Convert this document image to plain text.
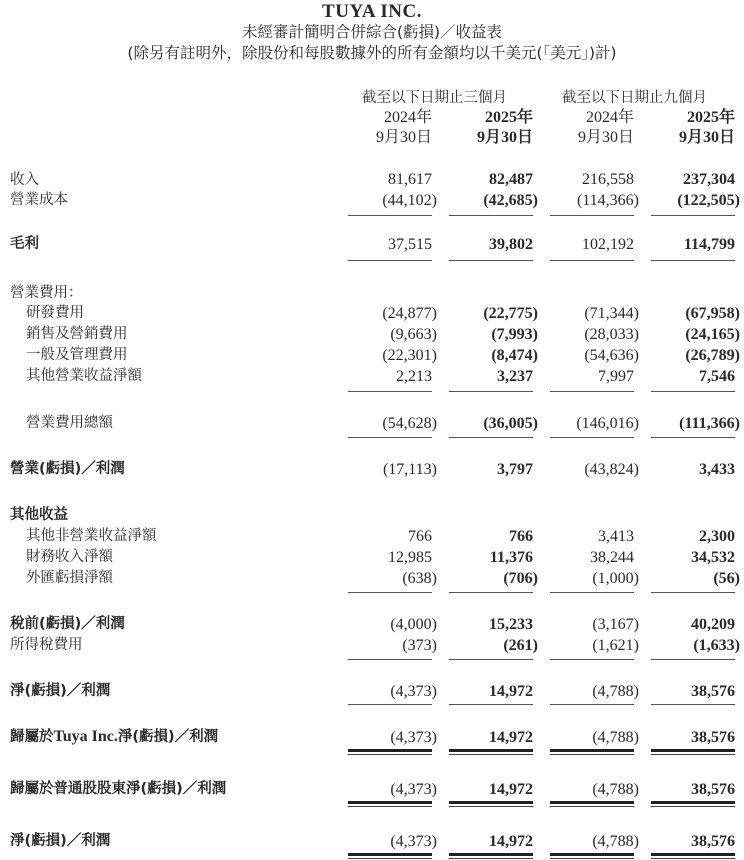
TUYA INC.
未經審計簡明合併綜合(虧損)／收益表
(除另有註明外，除股份和每股數據外的所有金額均以千美元(「美元」)計)
截至以下日期止三個月	截至以下日期止九個月
2024年	2025年	2024年	2025年
9月30日	9月30日	9月30日	9月30日
收入	81,617	82,487	216,558	237,304
營業成本	(44,102)	(42,685)	(114,366)	(122,505)
毛利	37,515	39,802	102,192	114,799
營業費用：
研發費用	(24,877)	(22,775)	(71,344)	(67,958)
銷售及營銷費用	(9,663)	(7,993)	(28,033)	(24,165)
一般及管理費用	(22,301)	(8,474)	(54,636)	(26,789)
其他營業收益淨額	2,213	3,237	7,997	7,546
營業費用總額	(54,628)	(36,005)	(146,016)	(111,366)
營業(虧損)／利潤	(17,113)	3,797	(43,824)	3,433
其他收益
其他非營業收益淨額	766	766	3,413	2,300
財務收入淨額	12,985	11,376	38,244	34,532
外匯虧損淨額	(638)	(706)	(1,000)	(56)
稅前(虧損)／利潤	(4,000)	15,233	(3,167)	40,209
所得稅費用	(373)	(261)	(1,621)	(1,633)
淨(虧損)／利潤	(4,373)	14,972	(4,788)	38,576
歸屬於Tuya Inc.淨(虧損)／利潤	(4,373)	14,972	(4,788)	38,576
歸屬於普通股股東淨(虧損)／利潤	(4,373)	14,972	(4,788)	38,576
淨(虧損)／利潤	(4,373)	14,972	(4,788)	38,576
